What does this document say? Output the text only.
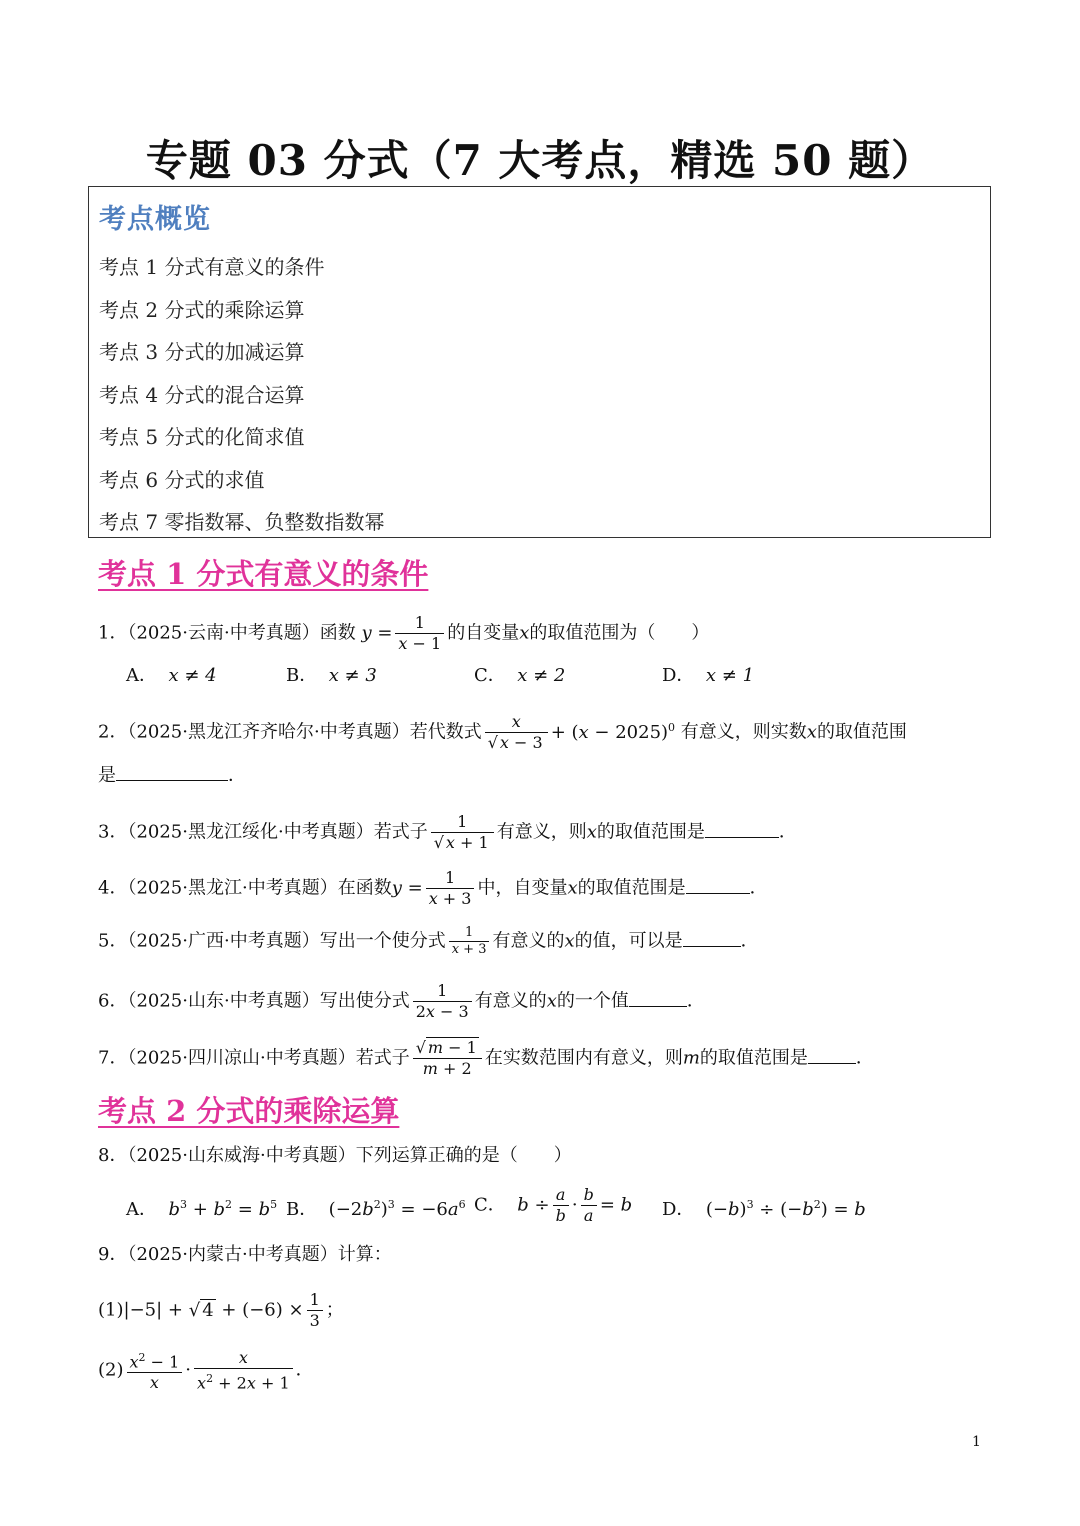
专题 03 分式（7 大考点，精选 50 题）
考点概览
考点 1 分式有意义的条件
考点 2 分式的乘除运算
考点 3 分式的加减运算
考点 4 分式的混合运算
考点 5 分式的化简求值
考点 6 分式的求值
考点 7 零指数幂、负整数指数幂
考点 1 分式有意义的条件
1．（2025·云南·中考真题）函数 $y = \frac{1}{x - 1}$ 的自变量x的取值范围为（　　）
A． x ≠ 4	B． x ≠ 3	C． x ≠ 2	D． x ≠ 1
2．（2025·黑龙江齐齐哈尔·中考真题）若代数式 $\frac{x}{√ x - 3} + (x - 2025)^0$ 有意义，则实数x的取值范围
是	．
3．（2025·黑龙江绥化·中考真题）若式子 $\frac{1}{√ x + 1}$ 有意义，则x的取值范围是	．
4．（2025·黑龙江·中考真题）在函数$y = \frac{1}{x + 3}$ 中，自变量x的取值范围是	．
5．（2025·广西·中考真题）写出一个使分式 $\frac{1}{x + 3}$ 有意义的x的值，可以是	．
6．（2025·山东·中考真题）写出使分式 $\frac{1}{2x - 3}$ 有意义的x的一个值	．
7．（2025·四川凉山·中考真题）若式子 $\frac{√ m - 1}{m + 2}$ 在实数范围内有意义，则m的取值范围是	．
考点 2 分式的乘除运算
8．（2025·山东威海·中考真题）下列运算正确的是（　　）
A． $b^3 + b^2 = b^5$ B．  $(-2b^2)^3 = -6a^6$ C． $b \div \frac{a}{b} \cdot \frac{b}{a} = b$ D．  $(-b)^3 \div (-b^2) = b$
9．（2025·内蒙古·中考真题）计算：
(1)|−5| + √ $4 + (-6) \times \frac{1}{3}$ ；
$(2) \frac{x^2 - 1}{x} \cdot \frac{x}{x^2 + 2x + 1}$ ．
1
